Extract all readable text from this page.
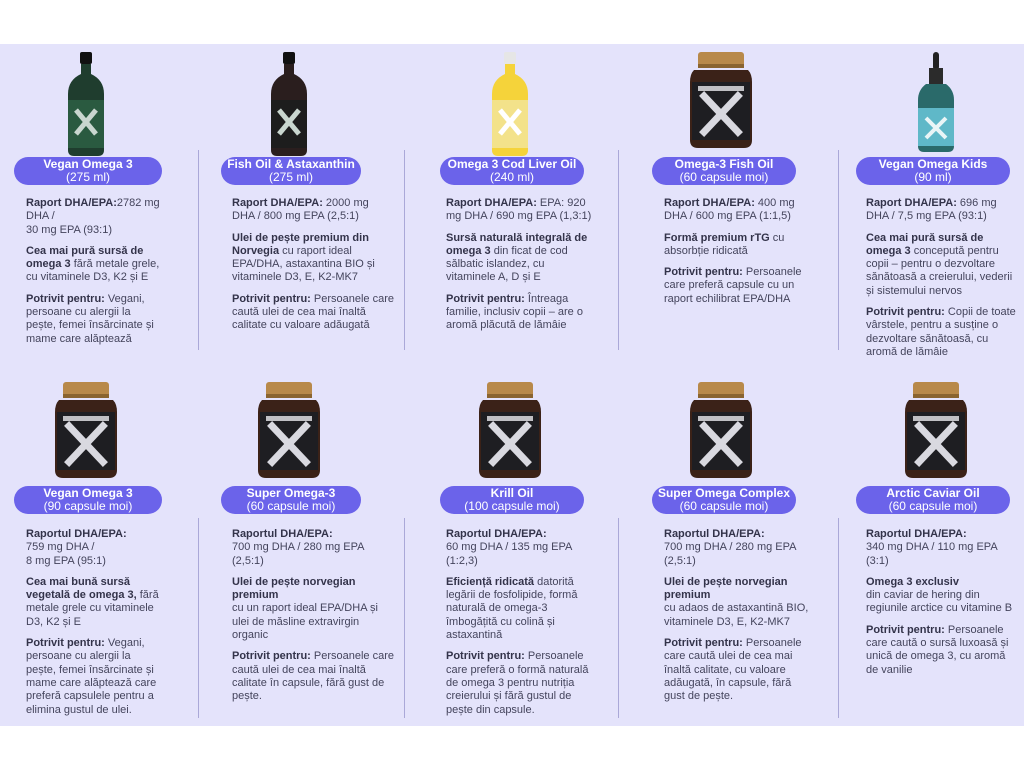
Vegan Omega 3
(275 ml)

Raport DHA/EPA:2782 mg DHA /
30 mg EPA (93:1)

Cea mai pură sursă de omega 3 fără metale grele, cu vitaminele D3, K2 și E

Potrivit pentru: Vegani, persoane cu alergii la pește, femei însărcinate și mame care alăptează

Fish Oil & Astaxanthin
(275 ml)

Raport DHA/EPA: 2000 mg DHA / 800 mg EPA (2,5:1)

Ulei de pește premium din Norvegia cu raport ideal EPA/DHA, astaxantina BIO și vitaminele D3, E, K2-MK7

Potrivit pentru: Persoanele care caută ulei de cea mai înaltă calitate cu valoare adăugată

Omega 3 Cod Liver Oil
(240 ml)

Raport DHA/EPA: EPA: 920 mg DHA / 690 mg EPA (1,3:1)

Sursă naturală integrală de omega 3 din ficat de cod sălbatic islandez, cu vitaminele A, D și E

Potrivit pentru: Întreaga familie, inclusiv copii – are o aromă plăcută de lămâie

Omega-3 Fish Oil
(60 capsule moi)

Raport DHA/EPA: 400 mg DHA / 600 mg EPA (1:1,5)

Formă premium rTG cu absorbție ridicată

Potrivit pentru: Persoanele care preferă capsule cu un raport echilibrat EPA/DHA

Vegan Omega Kids
(90 ml)

Raport DHA/EPA: 696 mg DHA / 7,5 mg EPA (93:1)

Cea mai pură sursă de omega 3 concepută pentru copii – pentru o dezvoltare sănătoasă a creierului, vederii și sistemului nervos

Potrivit pentru: Copii de toate vârstele, pentru a susține o dezvoltare sănătoasă, cu aromă de lămâie

Vegan Omega 3
(90 capsule moi)

Raportul DHA/EPA:
759 mg DHA /
8 mg EPA (95:1)

Cea mai bună sursă vegetală de omega 3, fără metale grele cu vitaminele D3, K2 și E

Potrivit pentru: Vegani, persoane cu alergii la pește, femei însărcinate și mame care alăptează care preferă capsulele pentru a elimina gustul de ulei.

Super Omega-3
(60 capsule moi)

Raportul DHA/EPA:
700 mg DHA / 280 mg EPA (2,5:1)

Ulei de pește norvegian premium
cu un raport ideal EPA/DHA și ulei de măsline extravirgin organic

Potrivit pentru: Persoanele care caută ulei de cea mai înaltă calitate în capsule, fără gust de pește.

Krill Oil
(100 capsule moi)

Raportul DHA/EPA:
60 mg DHA / 135 mg EPA (1:2,3)

Eficiență ridicată datorită legării de fosfolipide, formă naturală de omega-3 îmbogățită cu colină și astaxantină

Potrivit pentru: Persoanele care preferă o formă naturală de omega 3 pentru nutriția creierului și fără gustul de pește din capsule.

Super Omega Complex
(60 capsule moi)

Raportul DHA/EPA:
700 mg DHA / 280 mg EPA (2,5:1)

Ulei de pește norvegian premium
cu adaos de astaxantină BIO, vitaminele D3, E, K2-MK7

Potrivit pentru: Persoanele care caută ulei de cea mai înaltă calitate, cu valoare adăugată, în capsule, fără gust de pește.

Arctic Caviar Oil
(60 capsule moi)

Raportul DHA/EPA:
340 mg DHA / 110 mg EPA (3:1)

Omega 3 exclusiv
din caviar de hering din regiunile arctice cu vitamine B

Potrivit pentru: Persoanele care caută o sursă luxoasă și unică de omega 3, cu aromă de vanilie
